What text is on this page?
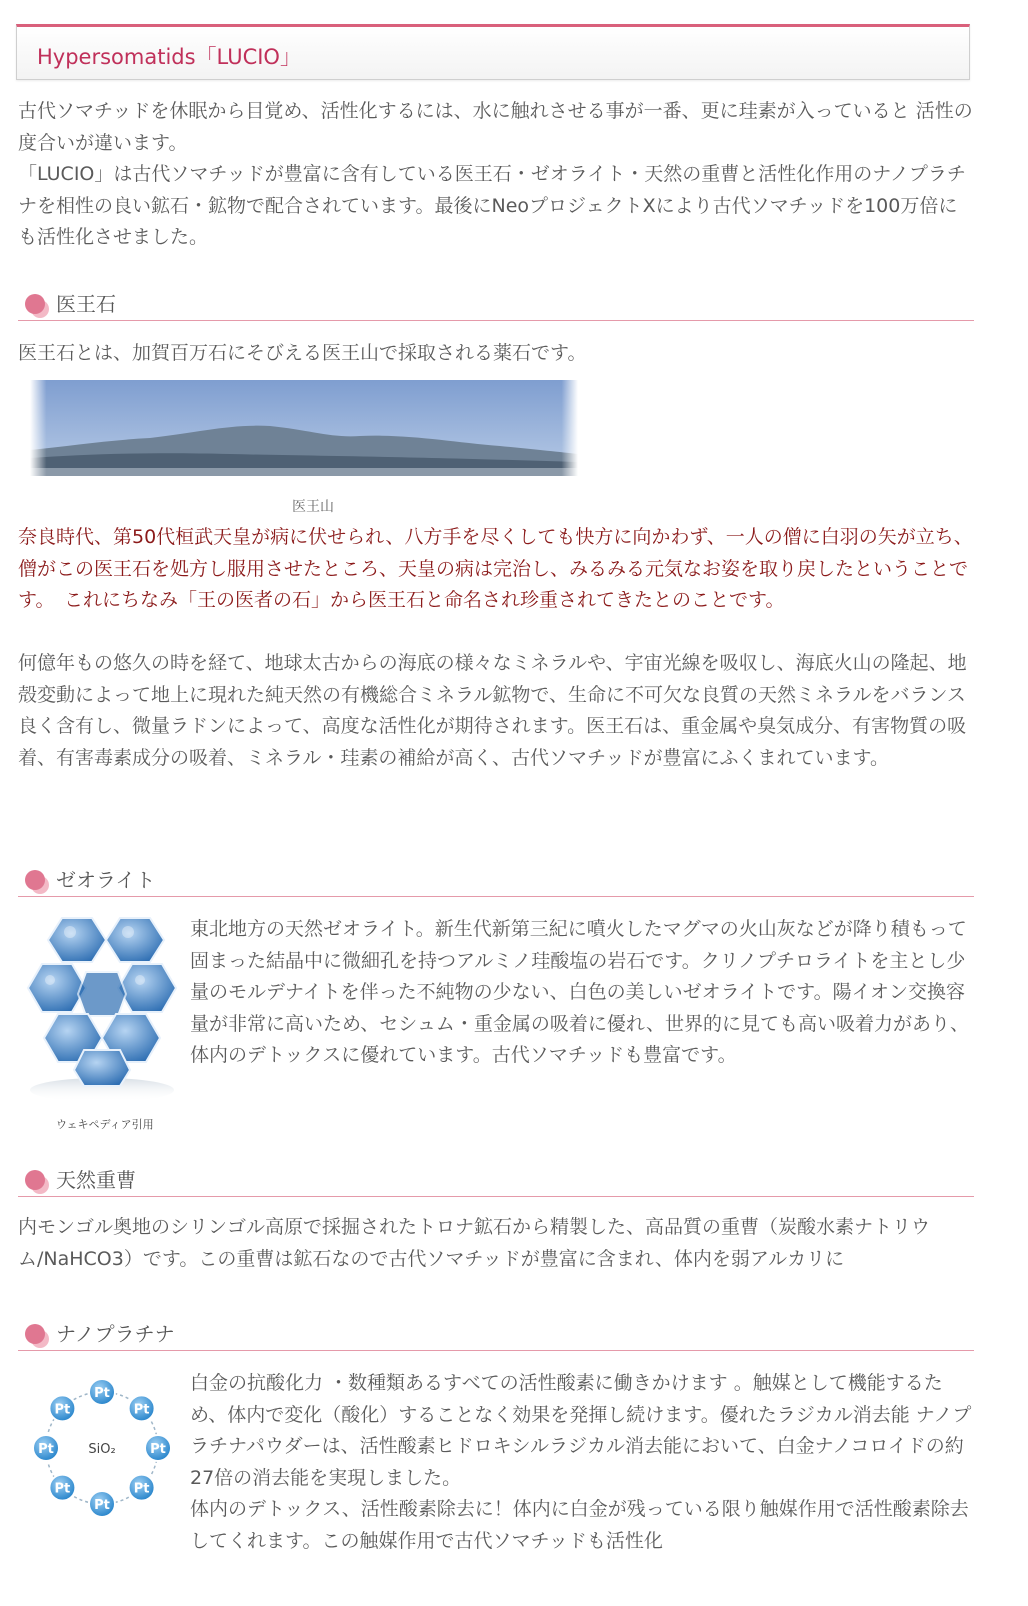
Hypersomatids「LUCIO」

古代ソマチッドを休眠から目覚め、活性化するには、水に触れさせる事が一番、更に珪素が入っていると 活性の度合いが違います。

「LUCIO」は古代ソマチッドが豊富に含有している医王石・ゼオライト・天然の重曹と活性化作用のナノプラチナを相性の良い鉱石・鉱物で配合されています。最後にNeoプロジェクトXにより古代ソマチッドを100万倍にも活性化させました。

医王石
医王石とは、加賀百万石にそびえる医王山で採取される薬石です。
医王山
奈良時代、第50代桓武天皇が病に伏せられ、八方手を尽くしても快方に向かわず、一人の僧に白羽の矢が立ち、僧がこの医王石を処方し服用させたところ、天皇の病は完治し、みるみる元気なお姿を取り戻したということです。　これにちなみ「王の医者の石」から医王石と命名され珍重されてきたとのことです。
何億年もの悠久の時を経て、地球太古からの海底の様々なミネラルや、宇宙光線を吸収し、海底火山の隆起、地殻変動によって地上に現れた純天然の有機総合ミネラル鉱物で、生命に不可欠な良質の天然ミネラルをバランス良く含有し、微量ラドンによって、高度な活性化が期待されます。医王石は、重金属や臭気成分、有害物質の吸着、有害毒素成分の吸着、ミネラル・珪素の補給が高く、古代ソマチッドが豊富にふくまれています。
ゼオライト
ウェキペディア引用
東北地方の天然ゼオライト。新生代新第三紀に噴火したマグマの火山灰などが降り積もって固まった結晶中に微細孔を持つアルミノ珪酸塩の岩石です。クリノプチロライトを主とし少量のモルデナイトを伴った不純物の少ない、白色の美しいゼオライトです。陽イオン交換容量が非常に高いため、セシュム・重金属の吸着に優れ、世界的に見ても高い吸着力があり、体内のデトックスに優れています。古代ソマチッドも豊富です。
天然重曹
内モンゴル奥地のシリンゴル高原で採掘されたトロナ鉱石から精製した、高品質の重曹（炭酸水素ナトリウム/NaHCO3）です。この重曹は鉱石なので古代ソマチッドが豊富に含まれ、体内を弱アルカリに
ナノプラチナ
Pt
Pt
Pt
Pt
Pt
Pt
Pt
Pt
SiO₂

白金の抗酸化力 ・数種類あるすべての活性酸素に働きかけます 。触媒として機能するため、体内で変化（酸化）することなく効果を発揮し続けます。優れたラジカル消去能 ナノプラチナパウダーは、活性酸素ヒドロキシルラジカル消去能において、白金ナノコロイドの約27倍の消去能を実現しました。

体内のデトックス、活性酸素除去に！体内に白金が残っている限り触媒作用で活性酸素除去してくれます。この触媒作用で古代ソマチッドも活性化
